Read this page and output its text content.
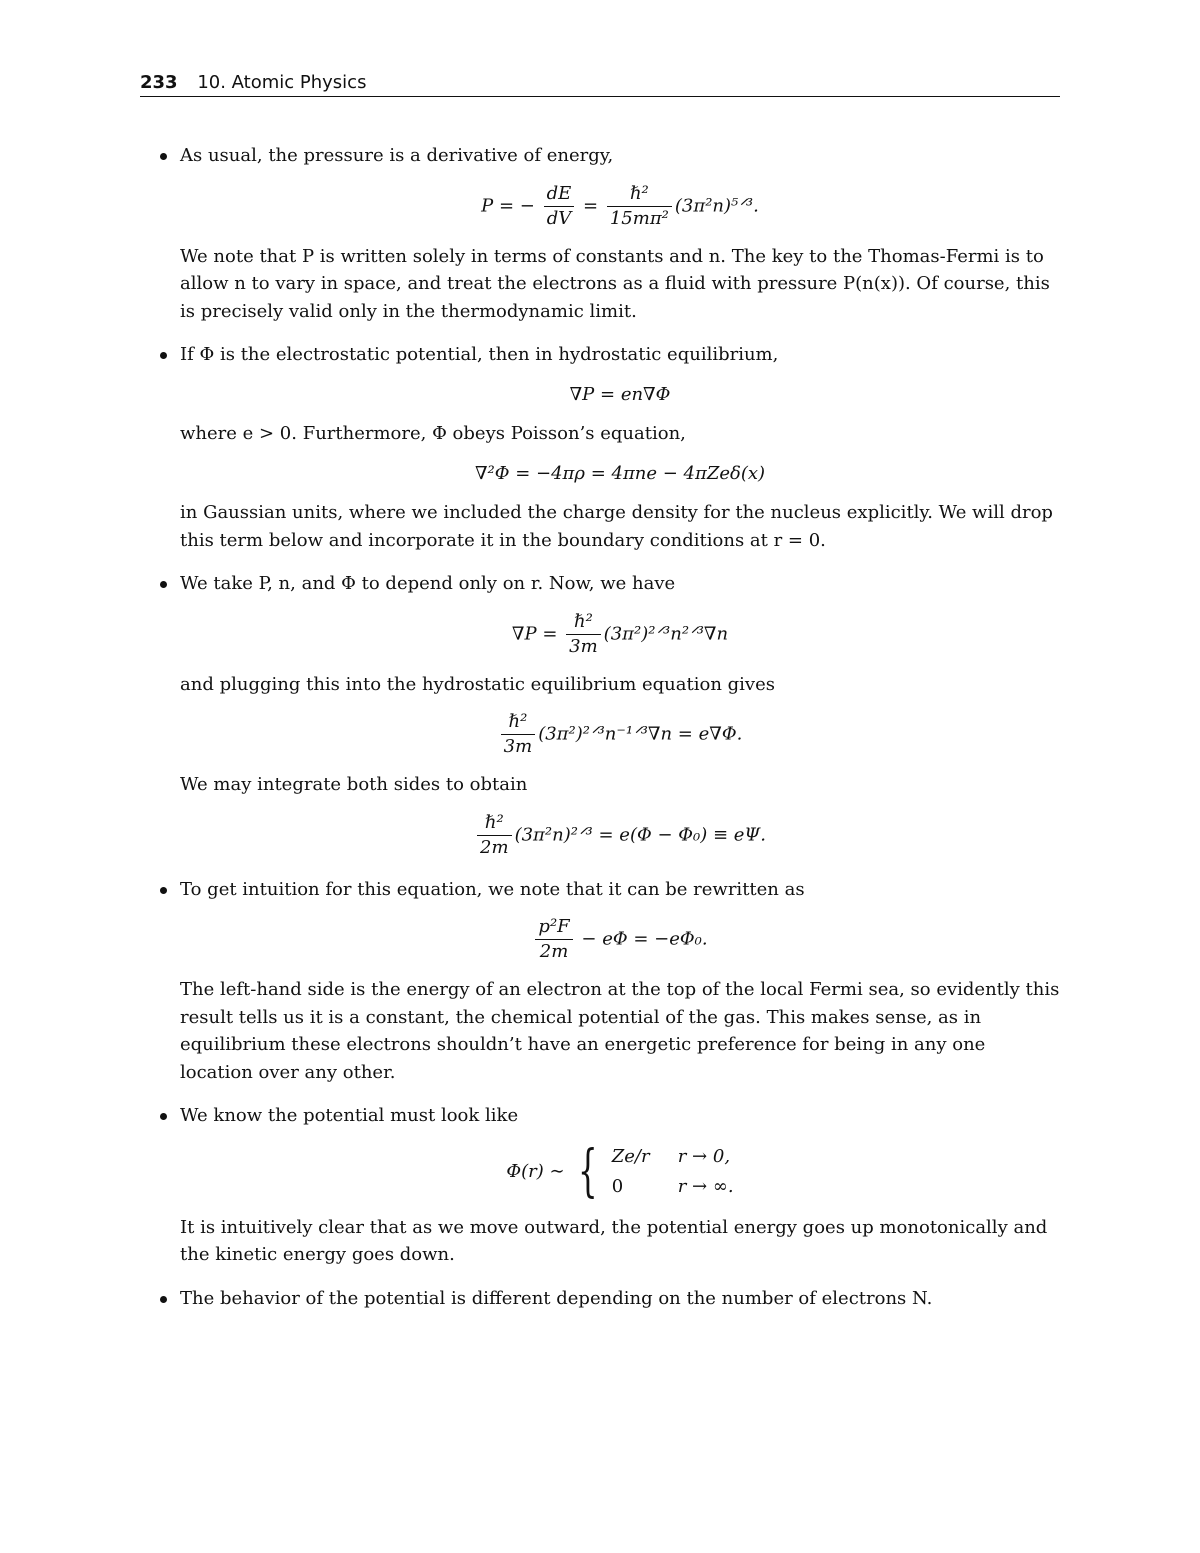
233 10. Atomic Physics

As usual, the pressure is a derivative of energy,

P = − $\frac{dE}{dV} = \frac{\text{ℏ²}}{\text{15mπ²}}$ (3π²n)⁵ᐟ³.

We note that P is written solely in terms of constants and n. The key to the Thomas-Fermi is to allow n to vary in space, and treat the electrons as a fluid with pressure P(n(x)). Of course, this is precisely valid only in the thermodynamic limit.

If Φ is the electrostatic potential, then in hydrostatic equilibrium,

∇P = en∇Φ

where e > 0. Furthermore, Φ obeys Poisson’s equation,

∇²Φ = −4πρ = 4πne − 4πZeδ(x)

in Gaussian units, where we included the charge density for the nucleus explicitly. We will drop this term below and incorporate it in the boundary conditions at r = 0.

We take P, n, and Φ to depend only on r. Now, we have

$\nabla P = \frac{\text{ℏ²}}{3m}$ (3π²)²ᐟ³n²ᐟ³∇n

and plugging this into the hydrostatic equilibrium equation gives

$\frac{\text{ℏ²}}{3m}$ (3π²)²ᐟ³n⁻¹ᐟ³∇n = e∇Φ.

We may integrate both sides to obtain

$\frac{\text{ℏ²}}{2m}$ (3π²n)²ᐟ³ = e(Φ − Φ₀) ≡ eΨ.

To get intuition for this equation, we note that it can be rewritten as

$\frac{\text{p²F}}{2m} - e\Phi = -e\Phi_0$.

The left-hand side is the energy of an electron at the top of the local Fermi sea, so evidently this result tells us it is a constant, the chemical potential of the gas. This makes sense, as in equilibrium these electrons shouldn’t have an energetic preference for being in any one location over any other.

We know the potential must look like

Φ(r) ∼ { Ze/r r → 0,
0	r → ∞.

It is intuitively clear that as we move outward, the potential energy goes up monotonically and the kinetic energy goes down.

The behavior of the potential is different depending on the number of electrons N.
